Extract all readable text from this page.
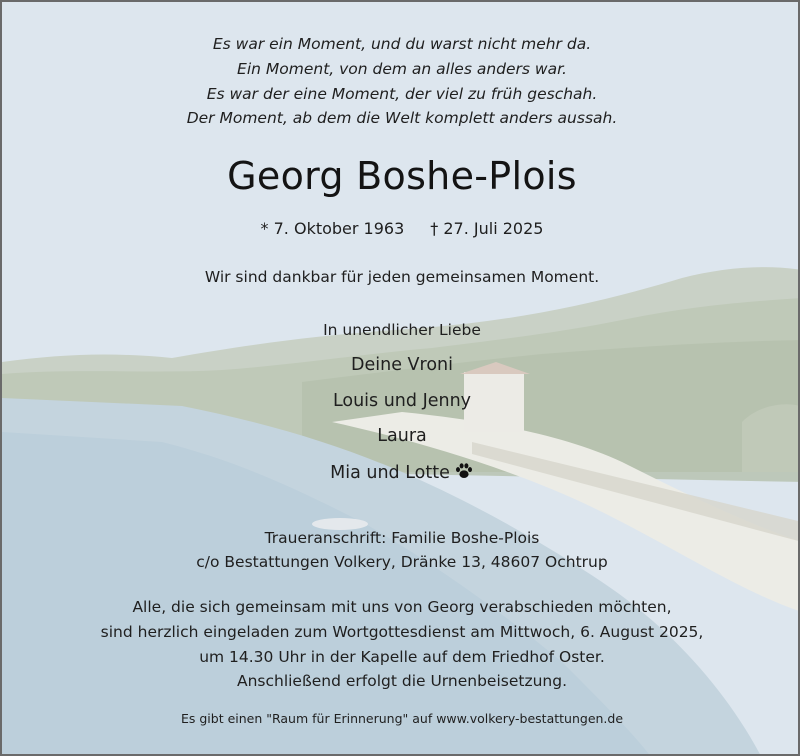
Es war ein Moment, und du warst nicht mehr da.
Ein Moment, von dem an alles anders war.
Es war der eine Moment, der viel zu früh geschah.
Der Moment, ab dem die Welt komplett anders aussah.
Georg Boshe-Plois
* 7. Oktober 1963 † 27. Juli 2025
Wir sind dankbar für jeden gemeinsamen Moment.
In unendlicher Liebe
Deine Vroni
Louis und Jenny
Laura
Mia und Lotte
Traueranschrift: Familie Boshe-Plois
c/o Bestattungen Volkery, Dränke 13, 48607 Ochtrup
Alle, die sich gemeinsam mit uns von Georg verabschieden möchten,
sind herzlich eingeladen zum Wortgottesdienst am Mittwoch, 6. August 2025,
um 14.30 Uhr in der Kapelle auf dem Friedhof Oster.
Anschließend erfolgt die Urnenbeisetzung.
Es gibt einen "Raum für Erinnerung" auf www.volkery-bestattungen.de
